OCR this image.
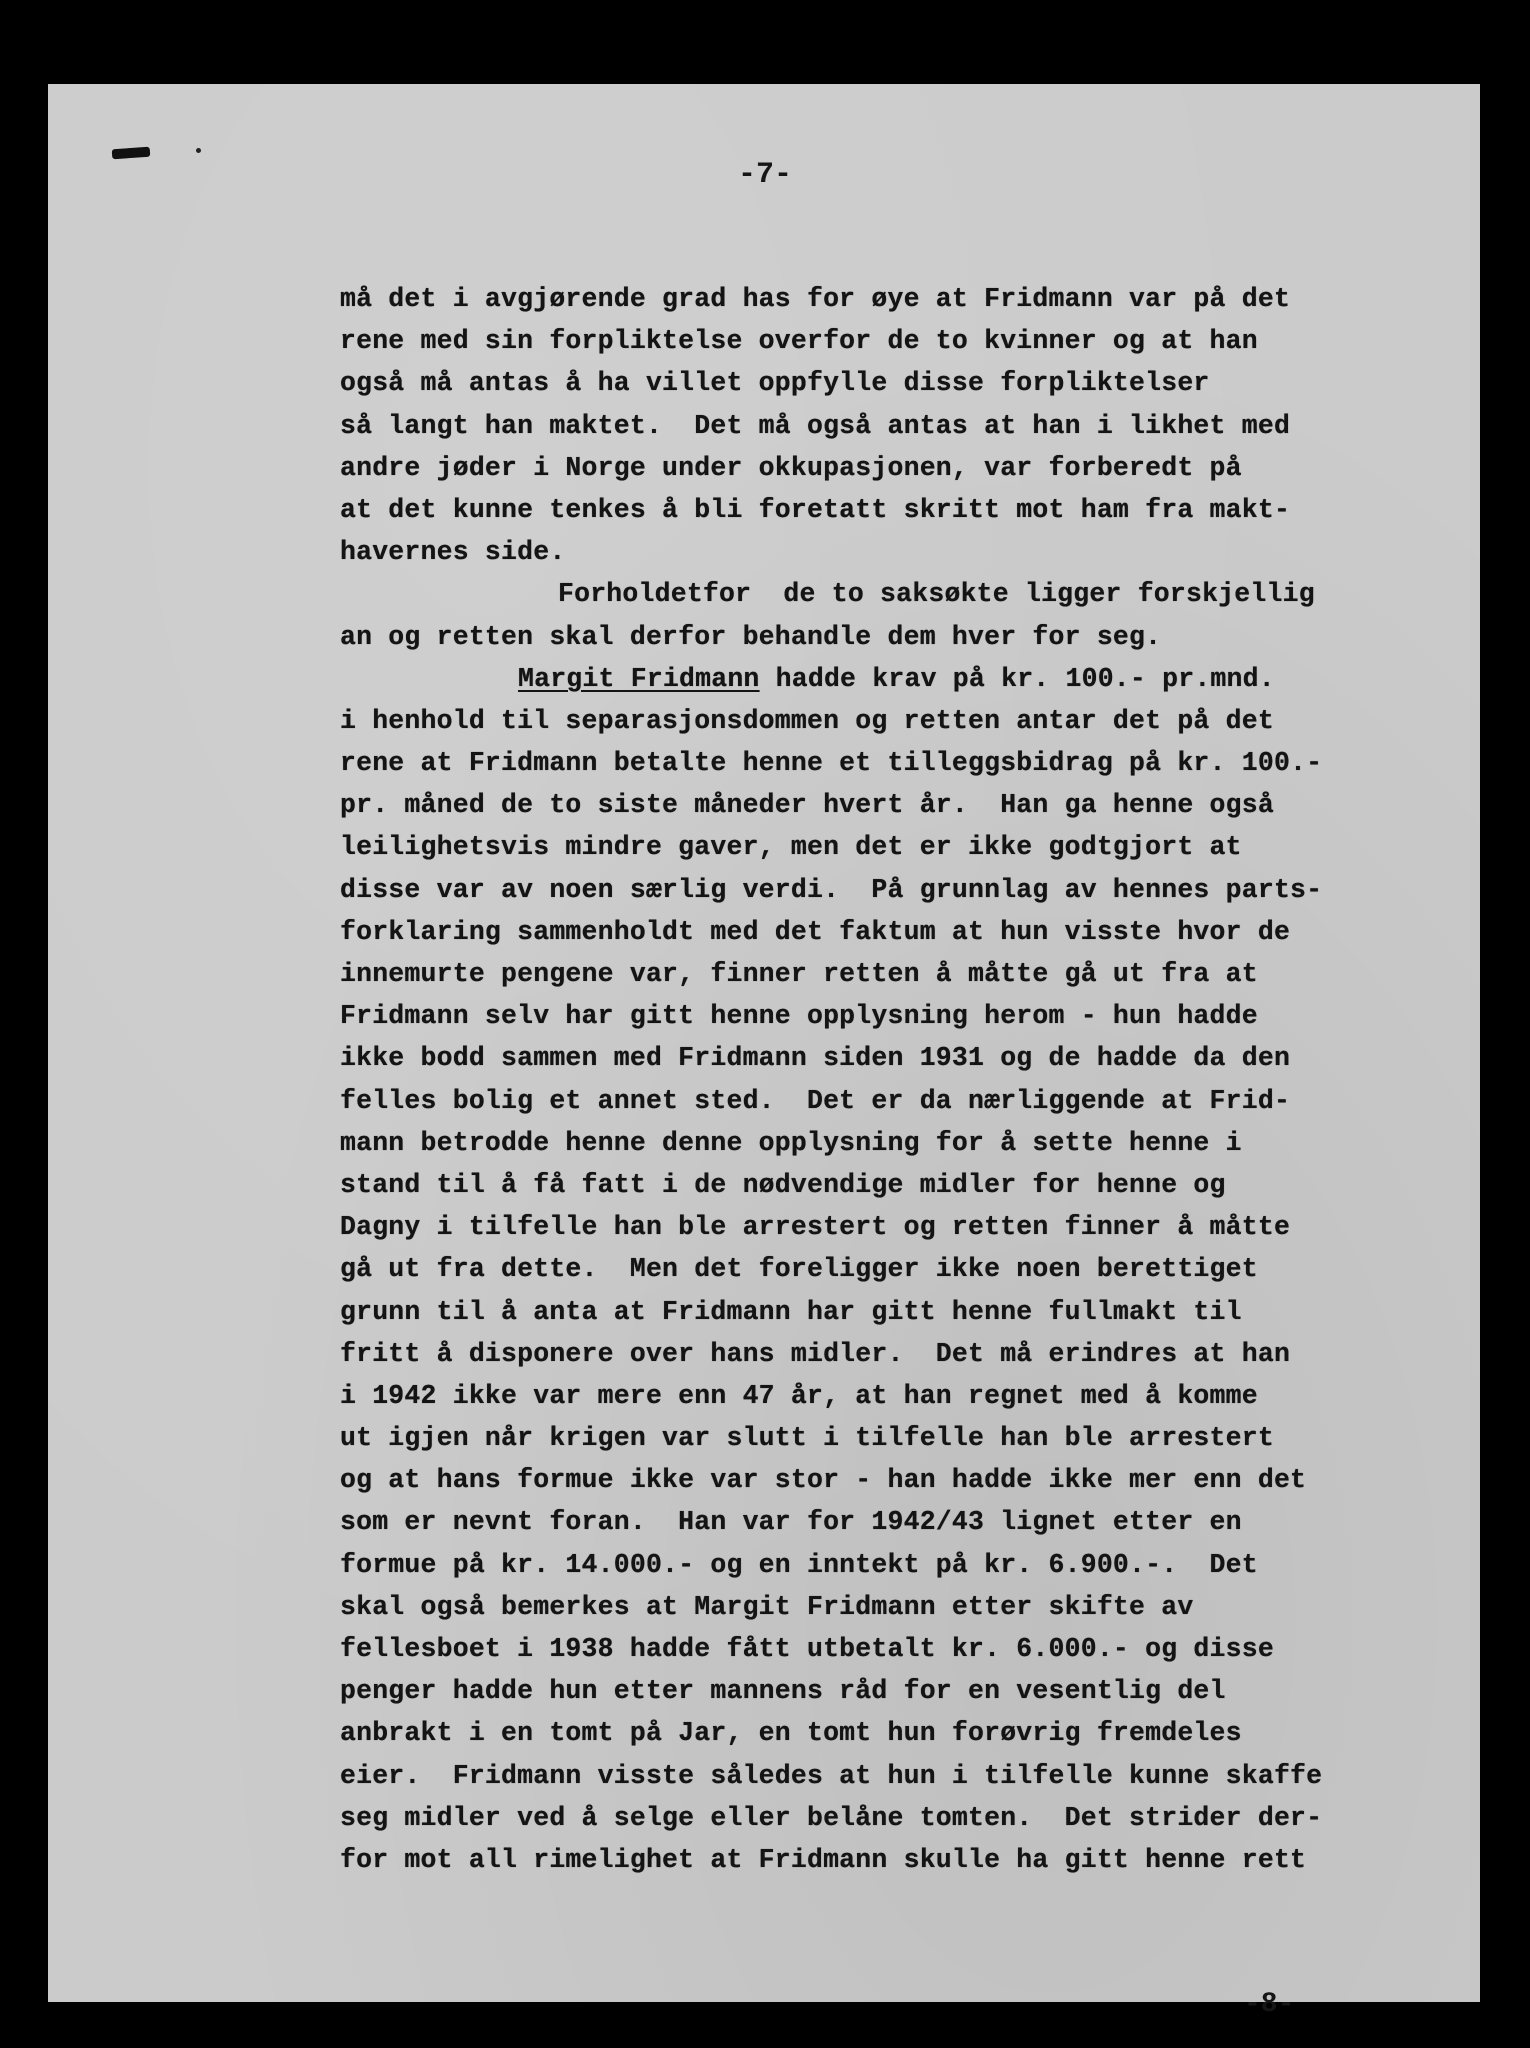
-7-
må det i avgjørende grad has for øye at Fridmann var på det
rene med sin forpliktelse overfor de to kvinner og at han
også må antas å ha villet oppfylle disse forpliktelser
så langt han maktet.  Det må også antas at han i likhet med
andre jøder i Norge under okkupasjonen, var forberedt på
at det kunne tenkes å bli foretatt skritt mot ham fra makt-
havernes side.
Forholdetfor  de to saksøkte ligger forskjellig
an og retten skal derfor behandle dem hver for seg.
Margit Fridmann hadde krav på kr. 100.- pr.mnd.
i henhold til separasjonsdommen og retten antar det på det
rene at Fridmann betalte henne et tilleggsbidrag på kr. 100.-
pr. måned de to siste måneder hvert år.  Han ga henne også
leilighetsvis mindre gaver, men det er ikke godtgjort at
disse var av noen særlig verdi.  På grunnlag av hennes parts-
forklaring sammenholdt med det faktum at hun visste hvor de
innemurte pengene var, finner retten å måtte gå ut fra at
Fridmann selv har gitt henne opplysning herom - hun hadde
ikke bodd sammen med Fridmann siden 1931 og de hadde da den
felles bolig et annet sted.  Det er da nærliggende at Frid-
mann betrodde henne denne opplysning for å sette henne i
stand til å få fatt i de nødvendige midler for henne og
Dagny i tilfelle han ble arrestert og retten finner å måtte
gå ut fra dette.  Men det foreligger ikke noen berettiget
grunn til å anta at Fridmann har gitt henne fullmakt til
fritt å disponere over hans midler.  Det må erindres at han
i 1942 ikke var mere enn 47 år, at han regnet med å komme
ut igjen når krigen var slutt i tilfelle han ble arrestert
og at hans formue ikke var stor - han hadde ikke mer enn det
som er nevnt foran.  Han var for 1942/43 lignet etter en
formue på kr. 14.000.- og en inntekt på kr. 6.900.-.  Det
skal også bemerkes at Margit Fridmann etter skifte av
fellesboet i 1938 hadde fått utbetalt kr. 6.000.- og disse
penger hadde hun etter mannens råd for en vesentlig del
anbrakt i en tomt på Jar, en tomt hun forøvrig fremdeles
eier.  Fridmann visste således at hun i tilfelle kunne skaffe
seg midler ved å selge eller belåne tomten.  Det strider der-
for mot all rimelighet at Fridmann skulle ha gitt henne rett
-8-
